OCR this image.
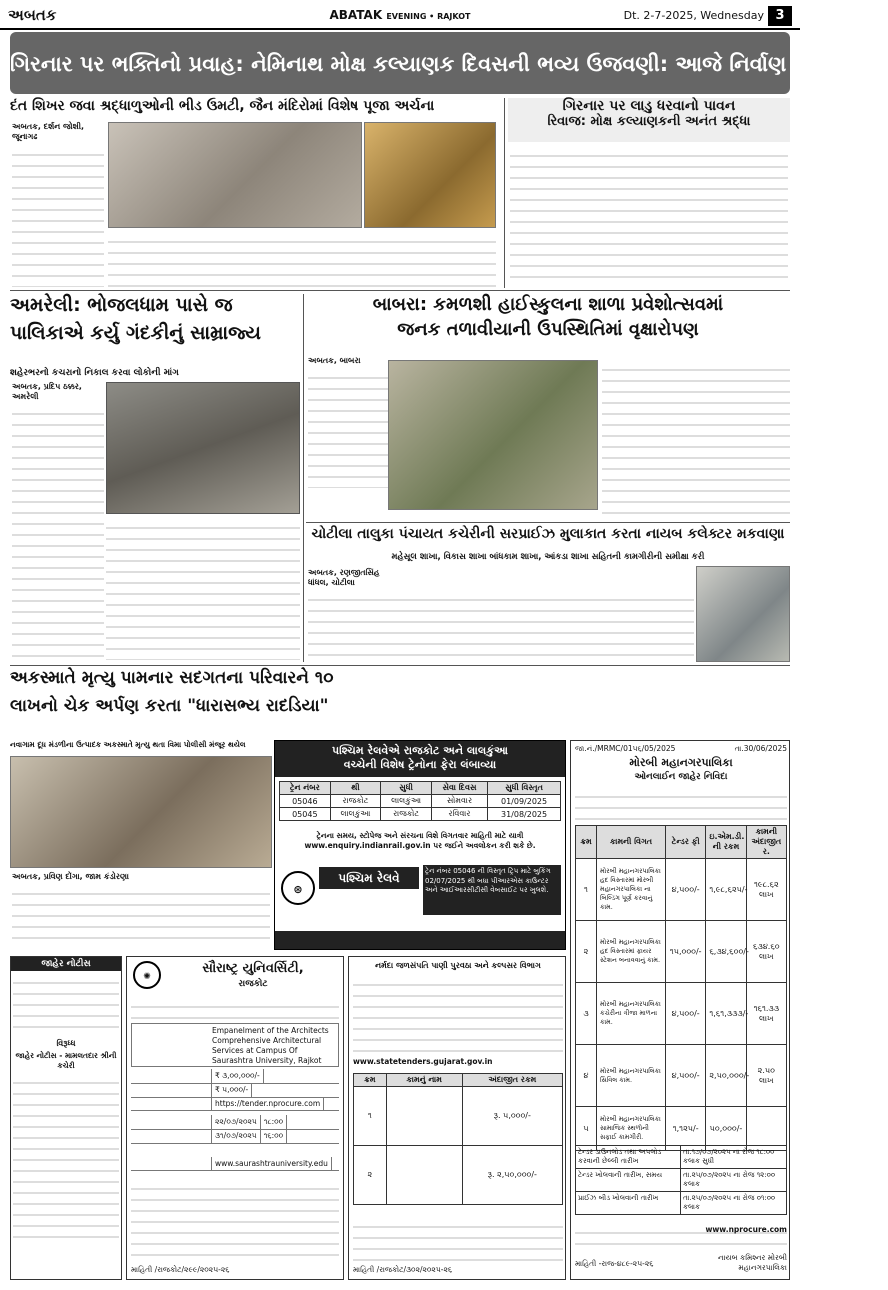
અબતક	ABATAK EVENING • RAJKOT	Dt. 2-7-2025, Wednesday 3
ગિરનાર પર ભક્તિનો પ્રવાહ: નેમિનાથ મોક્ષ કલ્યાણક દિવસની ભવ્ય ઉજવણી: આજે નિર્વાણ લાડુ ઉત્સવ
દંત શિખર જવા શ્રદ્ધાળુઓની ભીડ ઉમટી, જૈન મંદિરોમાં વિશેષ પૂજા અર્ચના
અબતક, દર્શન જોશી, જૂનાગઢ
ગિરનાર પર લાડુ ધરવાનો પાવન
રિવાજ: મોક્ષ કલ્યાણકની અનંત શ્રદ્ધા
અમરેલી: ભોજલધામ પાસે જ
પાલિકાએ કર્યુ ગંદકીનું સામ્રાજ્ય
શહેરભરનો કચરાનો નિકાલ કરવા લોકોની માંગ
અબતક, પ્રદિપ ઠક્કર, અમરેલી
બાબરા: કમળશી હાઈસ્કુલના શાળા પ્રવેશોત્સવમાં
જનક તળાવીયાની ઉપસ્થિતિમાં વૃક્ષારોપણ
અબતક, બાબરા
ચોટીલા તાલુકા પંચાયત કચેરીની સરપ્રાઈઝ મુલાકાત કરતા નાયબ કલેક્ટર મકવાણા
મહેસૂલ શાખા, વિકાસ શાખા બાંધકામ શાખા, આંકડા શાખા સહિતની કામગીરીની સમીક્ષા કરી
અબતક, રણજીતસિંહ ધાંધલ, ચોટીલા
અકસ્માતે મૃત્યુ પામનાર સદગતના પરિવારને ૧૦
લાખનો ચેક અર્પણ કરતા "ધારાસભ્ય રાદડિયા"
નવાગામ દૂધ મંડળીના ઉત્પાદક અકસ્માતે મૃત્યુ થતા વિમા પોલીસી મંજૂર થયેલ
અબતક, પ્રવિણ દોંગા, જામ કંડોરણા
પશ્ચિમ રેલવેએ રાજકોટ અને લાલકુંઆ
વચ્ચેની વિશેષ ટ્રેનોના ફેરા લંબાવ્યા
ટ્રેન નંબર	થી	સુધી	સેવા દિવસ	સુધી વિસ્તૃત
05046	રાજકોટ	લાલકુંઆ	સોમવાર	01/09/2025
05045	લાલકુંઆ	રાજકોટ	રવિવાર	31/08/2025
ટ્રેનના સમય, સ્ટોપેજ અને સંરચના વિશે વિગતવાર માહિતી માટે યાત્રી www.enquiry.indianrail.gov.in પર જઈને અવલોકન કરી શકે છે.
⊛
પશ્ચિમ રેલવે	ટ્રેન નંબર 05046 ની વિસ્તૃત ટ્રિપ માટે બુકિંગ 02/07/2025 થી બધા પીઆરએસ કાઉન્ટર અને આઈઆરસીટીસી વેબસાઈટ પર ખુલશે.
જાહેર નોટીસ
વિરૂધ્ધ
જાહેર નોટીસ - મામલતદાર શ્રીની કચેરી
✺
સૌરાષ્ટ્ર યુનિવર્સિટી,
રાજકોટ
Empanelment of the Architects Comprehensive Architectural Services at Campus Of Saurashtra University, Rajkot

₹ ૩,૦૦,૦૦૦/-

₹ ૫,૦૦૦/-

https://tender.nprocure.com

૨૨/૦૭/૨૦૨૫ ૧૮:૦૦

૩૧/૦૭/૨૦૨૫ ૧૬:૦૦

www.saurashtrauniversity.edu
માહિતી /રાજકોટ/૨૯૯/૨૦૨૫-૨૬
નર્મદા જળસંપતિ પાણી પુરવઠા અને કલ્પસર વિભાગ
www.statetenders.gujarat.gov.in
ક્રમ	કામનું નામ	અંદાજીત રકમ
૧		રૂ. ૫,૦૦૦/-
૨		રૂ. ૨,૫૦,૦૦૦/-
માહિતી /રાજકોટ/૩૦૨/૨૦૨૫-૨૬
જા.નં./MRMC/01૫૬/05/2025	તા.30/06/2025
મોરબી મહાનગરપાલિકા
ઓનલાઈન જાહેર નિવિદા
ક્રમ	કામની વિગત	ટેન્ડર ફી	ઇ.એમ.ડી. ની રકમ	કામની અંદાજીત ર.
૧	મોરબી મહાનગરપાલિકા હદ વિસ્તારમાં મોરબી મહાનગરપાલિકા ના બિલ્ડિંગ પૂર્ણ કરવાનું કામ.	૪,૫૦૦/-	૧,૯૮,૬૨૫/-	૧૯૮.૬૨ લાખ
૨	મોરબી મહાનગરપાલિકા હદ વિસ્તારમાં ફાયર સ્ટેશન બનાવવાનું કામ.	૧૫,૦૦૦/-	૬,૩૪,૬૦૦/-	૬૩૪.૬૦ લાખ
૩	મોરબી મહાનગરપાલિકા કચેરીના ત્રીજા માળના કામ.	૪,૫૦૦/-	૧,૬૧,૩૩૩/-	૧૬૧.૩૩ લાખ
૪	મોરબી મહાનગરપાલિકા સિવિલ કામ.	૪,૫૦૦/-	૨,૫૦,૦૦૦/-	૨.૫૦ લાખ
૫	મોરબી મહાનગરપાલિકા સામાજિક સ્થળોની સફાઈ કામગીરી.	૧,૧૨૫/-	૫૦,૦૦૦/-	
ટેન્ડર ડાઉનલોડ તથા અપલોડ કરવાની છેલ્લી તારીખ
તા.૧૭/૦૭/૨૦૨૫ ના રોજ ૧૮:૦૦ કલાક સુધી
ટેન્ડર ખોલવાની તારીખ, સમય	તા.૨૫/૦૭/૨૦૨૫ ના રોજ ૧૨:૦૦ કલાક
પ્રાઈઝ બીડ ખોલવાની તારીખ	તા.૨૫/૦૭/૨૦૨૫ ના રોજ ૦૧:૦૦ કલાક
www.nprocure.com
માહિતી -રાજ-૪૮૯-૨૫-૨૬
નાયબ કમિશ્નર મોરબી મહાનગરપાલિકા
